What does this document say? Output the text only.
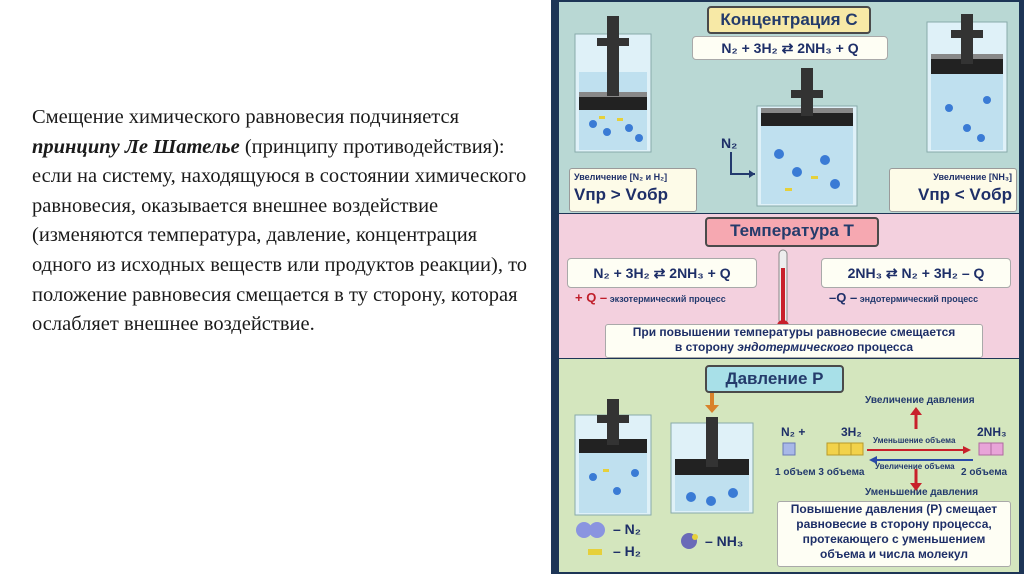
Смещение химического равновесия подчиняется принципу Ле Шателье (принципу противодействия): если на систему, находящуюся в состоянии химического равновесия, оказывается внешнее воздействие (изменяются температура, давление, концентрация одного из исходных веществ или продуктов реакции), то положение равновесия смещается в ту сторону, которая ослабляет внешнее воздействие.
Концентрация С
N₂ + 3H₂ ⇄ 2NH₃ + Q
N₂
Увеличение [N₂ и H₂]
Vпр > Vобр
Увеличение [NH₃]
Vпр < Vобр
Температура T
N₂ + 3H₂ ⇄ 2NH₃ + Q	2NH₃ ⇄ N₂ + 3H₂ – Q
+ Q – экзотермический процесс	–Q – эндотермический процесс
При повышении температуры равновесие смещается
в сторону эндотермического процесса
Давление P
Увеличение давления
N₂ +	3H₂	2NH₃
Уменьшение объема
Увеличение объема
1 объем 3 объема	2 объема
Уменьшение давления
Повышение давления (P) смещает
равновесие в сторону процесса,
протекающего с уменьшением
объема и числа молекул
– N₂
– H₂
– NH₃
